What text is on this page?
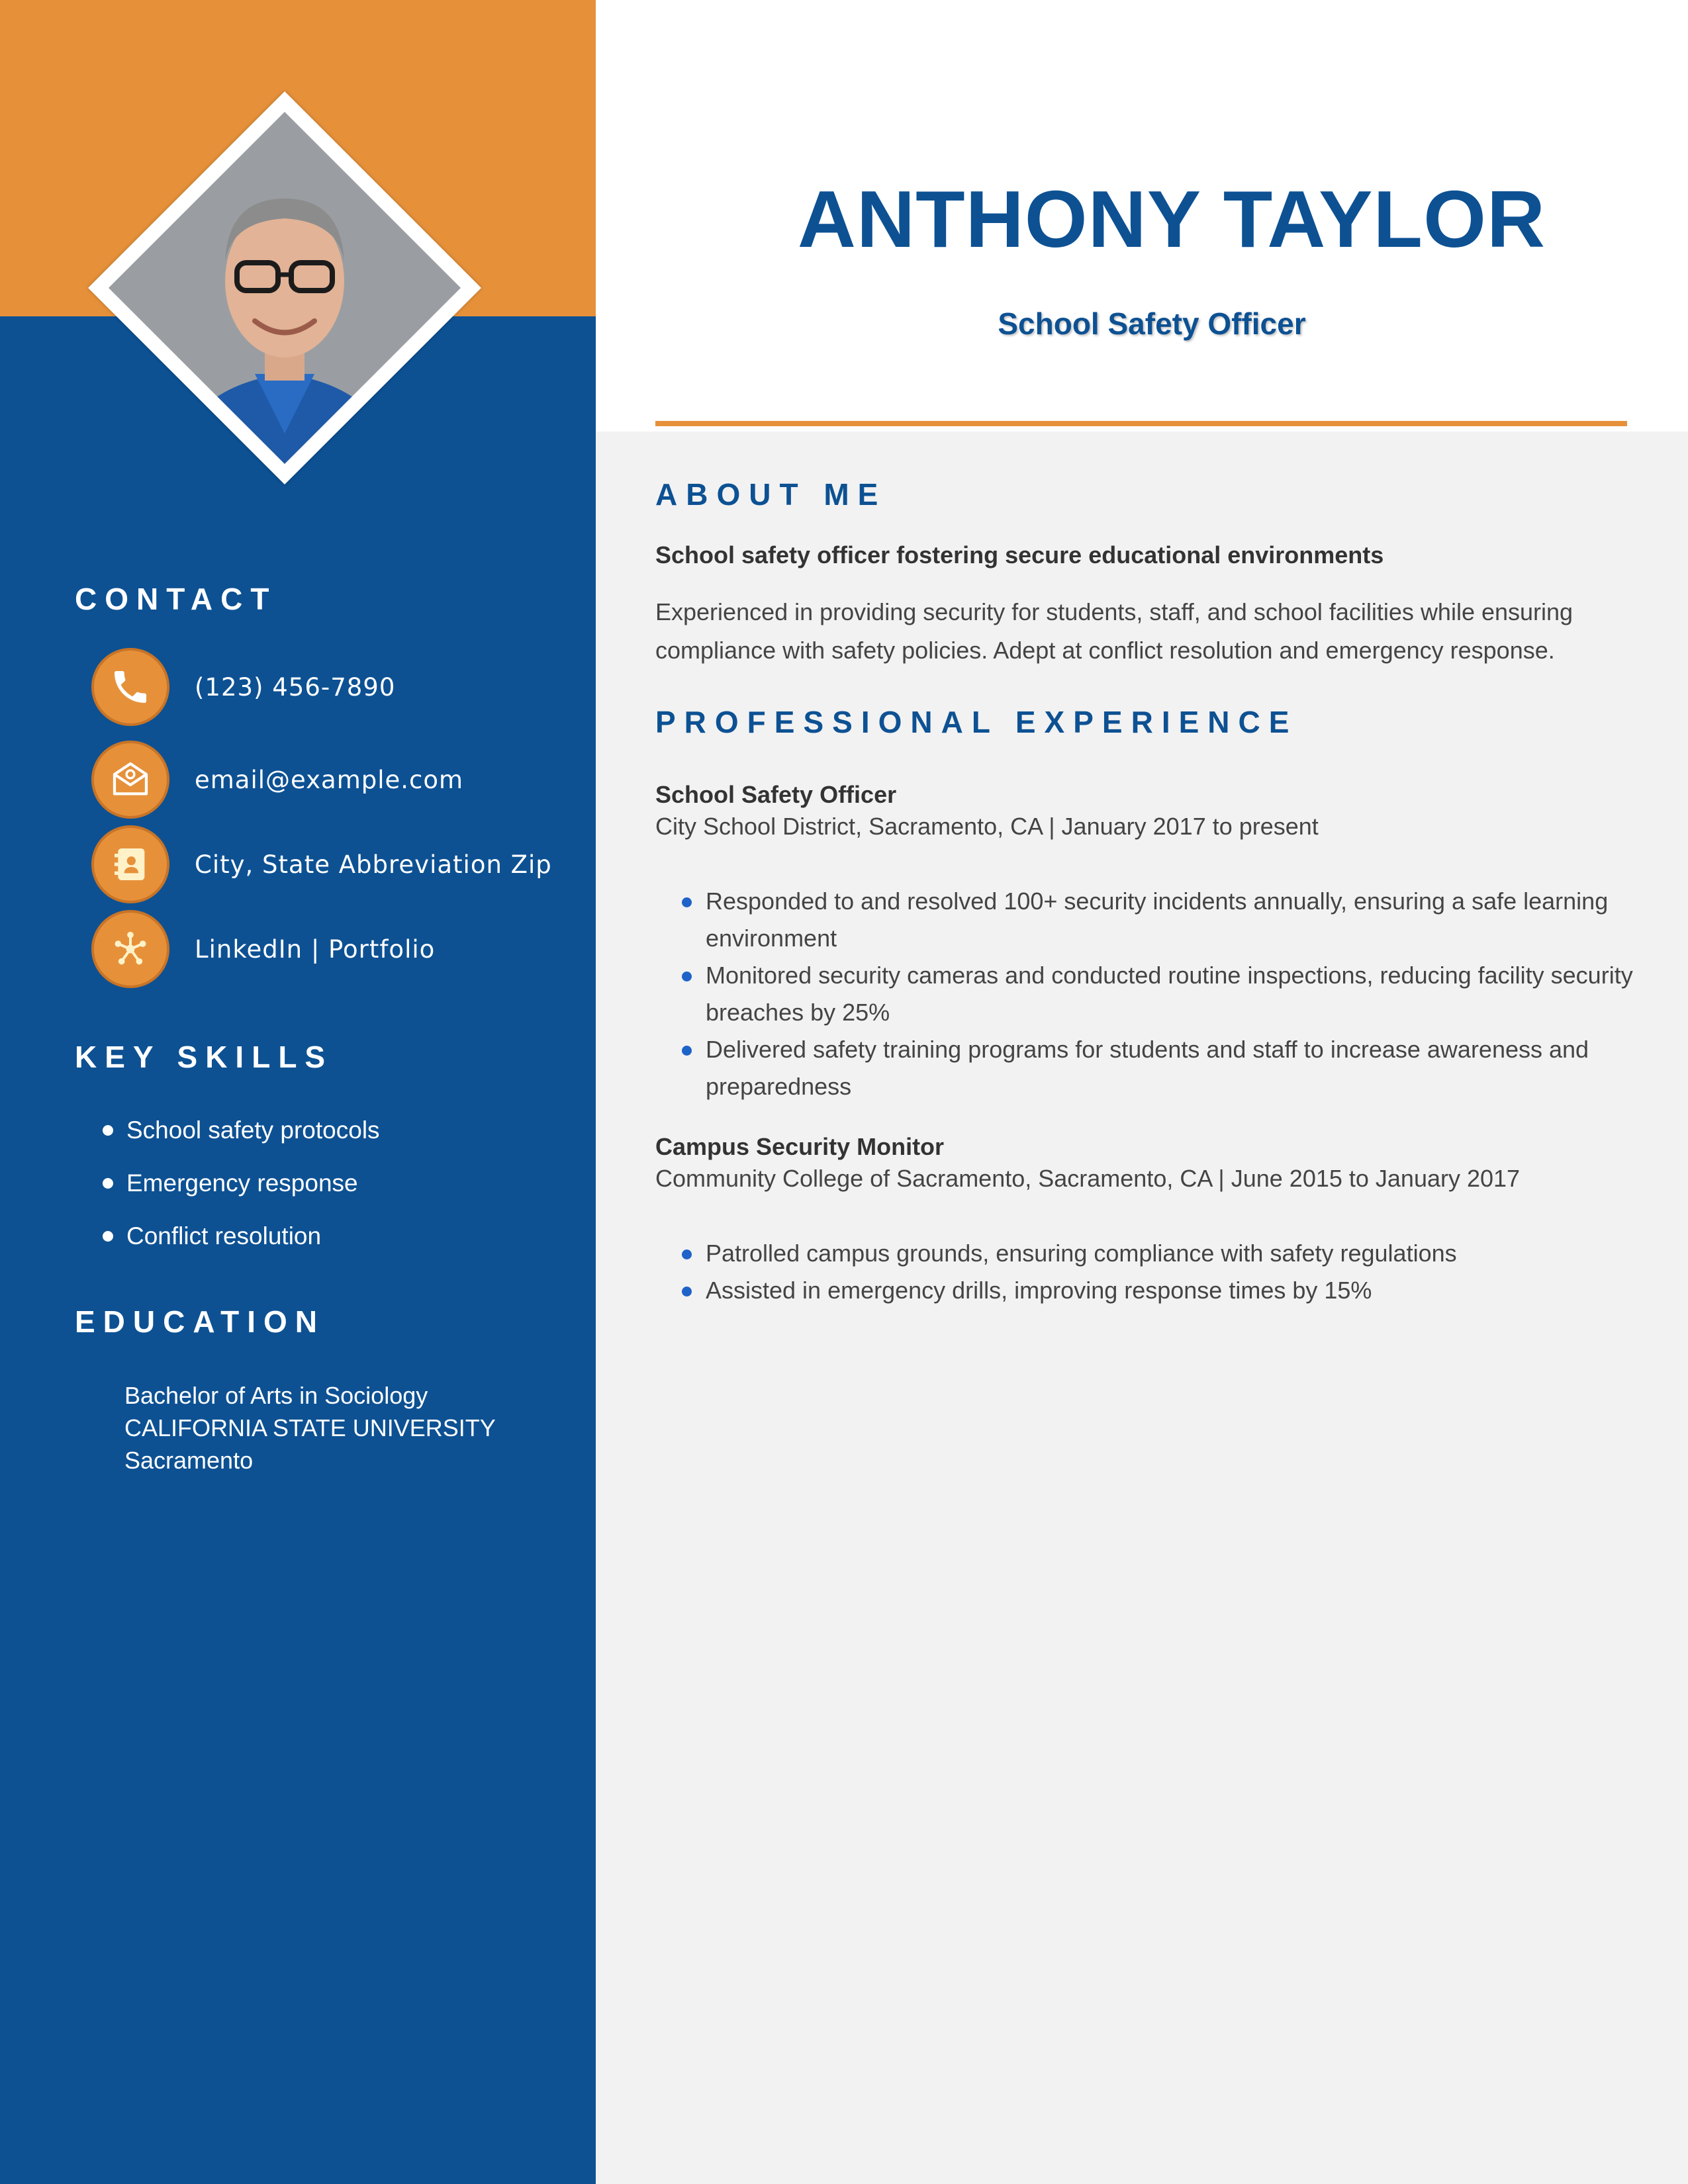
CONTACT
(123) 456-7890
email@example.com
City, State Abbreviation Zip
LinkedIn | Portfolio
KEY SKILLS
School safety protocols
Emergency response
Conflict resolution
EDUCATION
Bachelor of Arts in Sociology
CALIFORNIA STATE UNIVERSITY
Sacramento
ANTHONY TAYLOR

School Safety Officer

ABOUT ME

School safety officer fostering secure educational environments

Experienced in providing security for students, staff, and school facilities while ensuring compliance with safety policies. Adept at conflict resolution and emergency response.

PROFESSIONAL EXPERIENCE

School Safety Officer

City School District, Sacramento, CA | January 2017 to present

Responded to and resolved 100+ security incidents annually, ensuring a safe learning environment
Monitored security cameras and conducted routine inspections, reducing facility security breaches by 25%
Delivered safety training programs for students and staff to increase awareness and preparedness

Campus Security Monitor

Community College of Sacramento, Sacramento, CA | June 2015 to January 2017

Patrolled campus grounds, ensuring compliance with safety regulations
Assisted in emergency drills, improving response times by 15%
